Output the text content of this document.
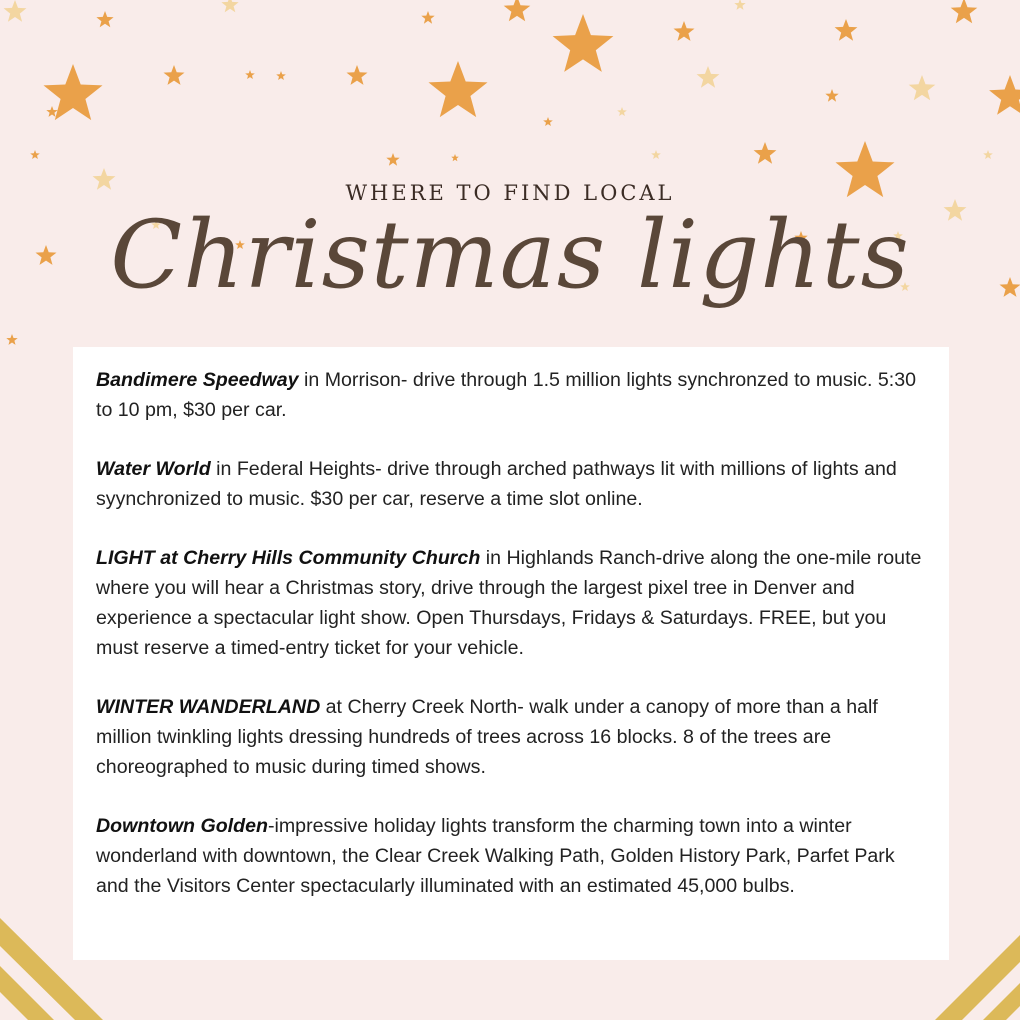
WHERE TO FIND LOCAL
Christmas lights

Bandimere Speedway in Morrison- drive through 1.5 million lights synchronzed to music. 5:30 to 10 pm, $30 per car.

Water World in Federal Heights- drive through arched pathways lit with millions of lights and syynchronized to music. $30 per car, reserve a time slot online.

LIGHT at Cherry Hills Community Church in Highlands Ranch-drive along the one-mile route where you will hear a Christmas story, drive through the largest pixel tree in Denver and experience a spectacular light show. Open Thursdays, Fridays & Saturdays. FREE, but you must reserve a timed-entry ticket for your vehicle.

WINTER WANDERLAND at Cherry Creek North- walk under a canopy of more than a half million twinkling lights dressing hundreds of trees across 16 blocks. 8 of the trees are choreographed to music during timed shows.

Downtown Golden-impressive holiday lights transform the charming town into a winter wonderland with downtown, the Clear Creek Walking Path, Golden History Park, Parfet Park and the Visitors Center spectacularly illuminated with an estimated 45,000 bulbs.
